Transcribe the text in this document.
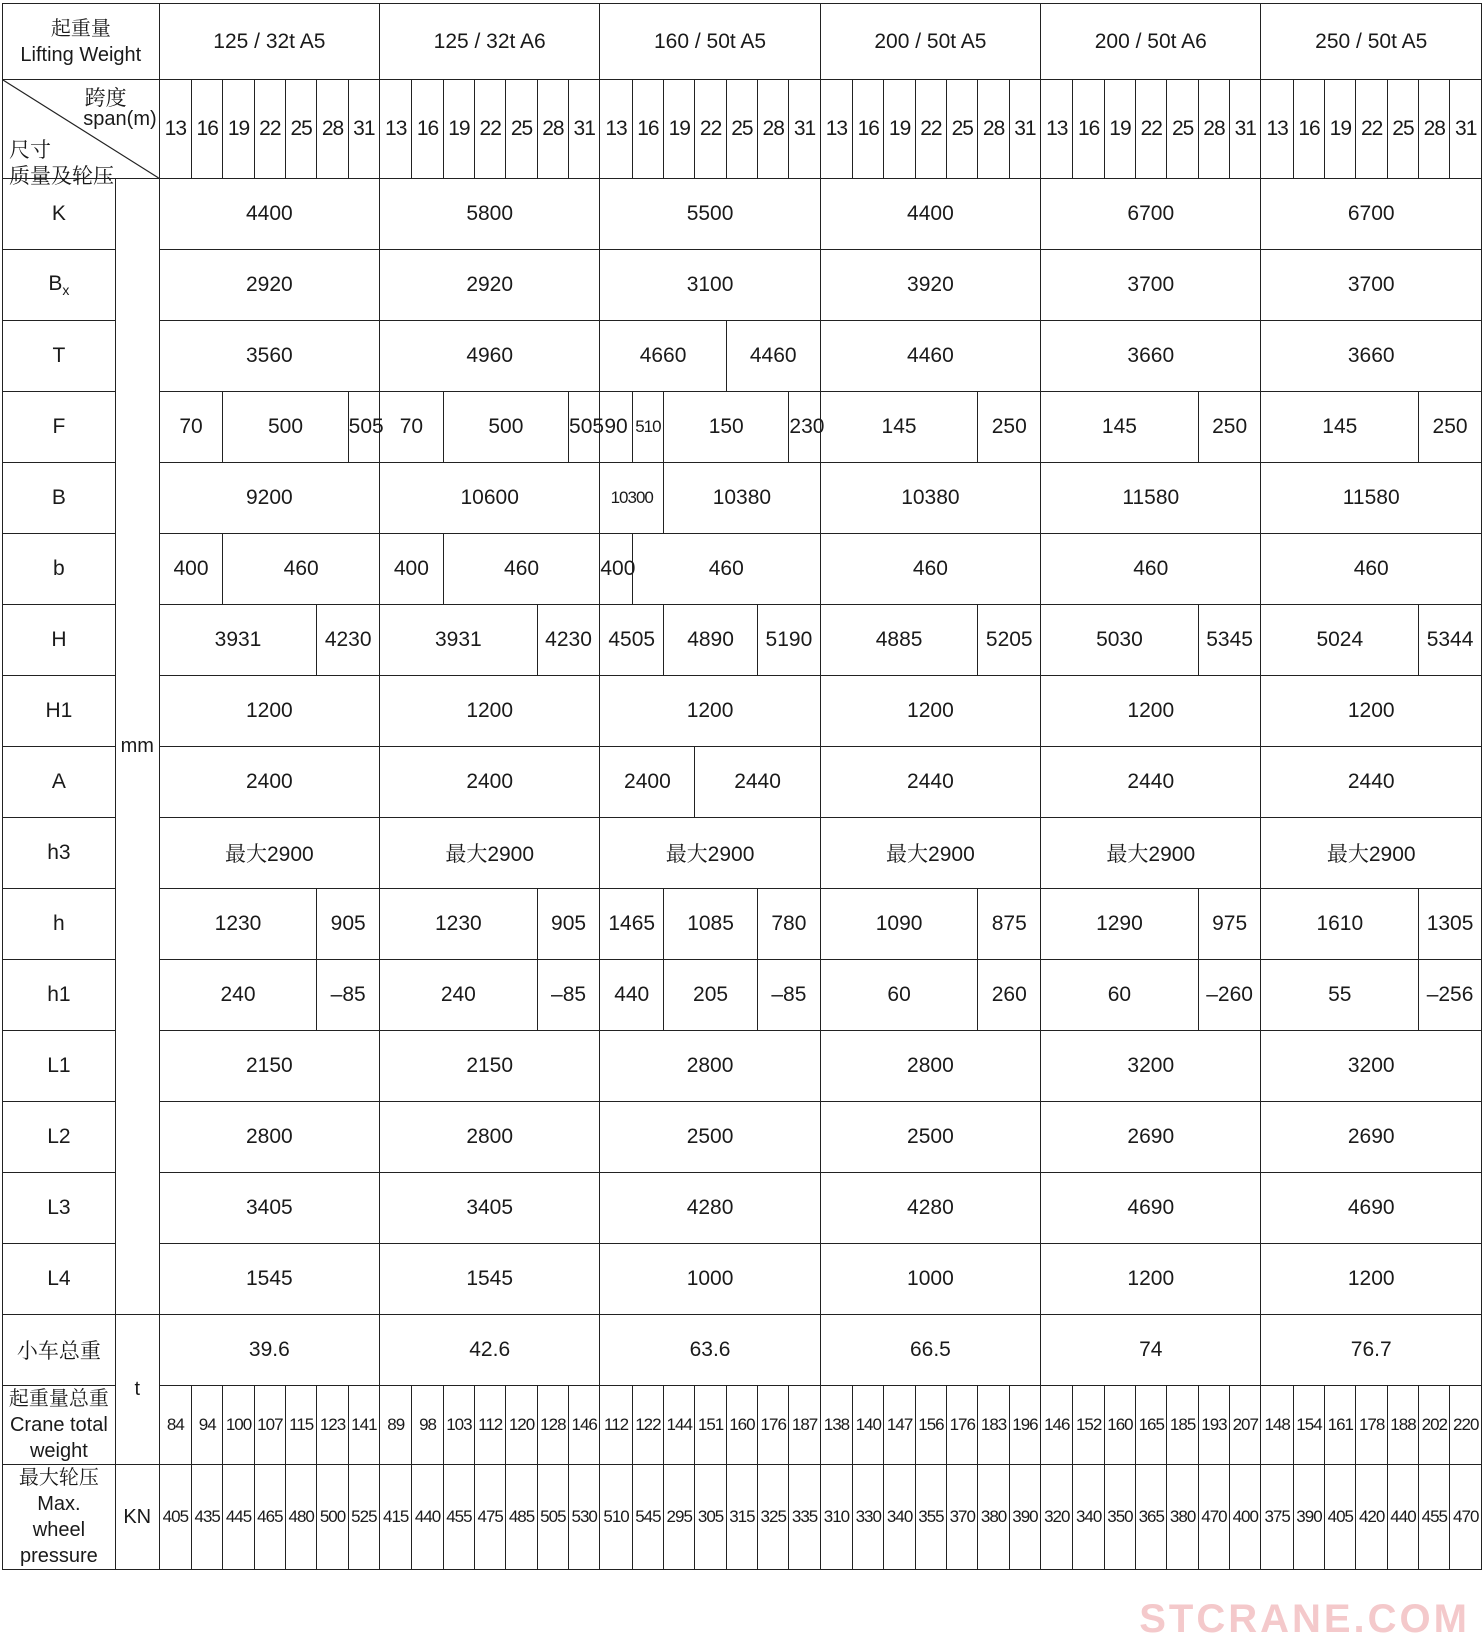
起重量
Lifting Weight		125 / 32t A5							125 / 32t A6							160 / 50t A5							200 / 50t A5							200 / 50t A6							250 / 50t A5						

跨度
span(m)
尺寸
质量及轮压		13	16	19	22	25	28	31	13	16	19	22	25	28	31	13	16	19	22	25	28	31	13	16	19	22	25	28	31	13	16	19	22	25	28	31	13	16	19	22	25	28	31
K	mm	4400							5800							5500							4400							6700							6700						
$B_x$		2920							2920							3100							3920							3700							3700						
T		3560							4960							4660				4460			4460							3660							3660						
F		70		500				505	70		500				505	90	510	150				230	145					250		145					250		145					250	
B		9200							10600							10300		10380					10380							11580							11580						
b		400		460					400		460					400	460						460							460							460						
H		3931					4230		3931					4230		4505		4890			5190		4885					5205		5030					5345		5024					5344	
H1		1200							1200							1200							1200							1200							1200						
A		2400							2400							2400			2440				2440							2440							2440						
h3		最大2900							最大2900							最大2900							最大2900							最大2900							最大2900						
h		1230					905		1230					905		1465		1085			780		1090					875		1290					975		1610					1305	
h1		240					–85		240					–85		440		205			–85		60					260		60					–260		55					–256	
L1		2150							2150							2800							2800							3200							3200						
L2		2800							2800							2500							2500							2690							2690						
L3		3405							3405							4280							4280							4690							4690						
L4		1545							1545							1000							1000							1200							1200						
小车总重	t	39.6							42.6							63.6							66.5							74							76.7						

起重量总重
Crane total
weight		84	94	100	107	115	123	141	89	98	103	112	120	128	146	112	122	144	151	160	176	187	138	140	147	156	176	183	196	146	152	160	165	185	193	207	148	154	161	178	188	202	220

最大轮压
Max.
wheel
pressure	KN	405	435	445	465	480	500	525	415	440	455	475	485	505	530	510	545	295	305	315	325	335	310	330	340	355	370	380	390	320	340	350	365	380	470	400	375	390	405	420	440	455	470
STCRANE.COM
